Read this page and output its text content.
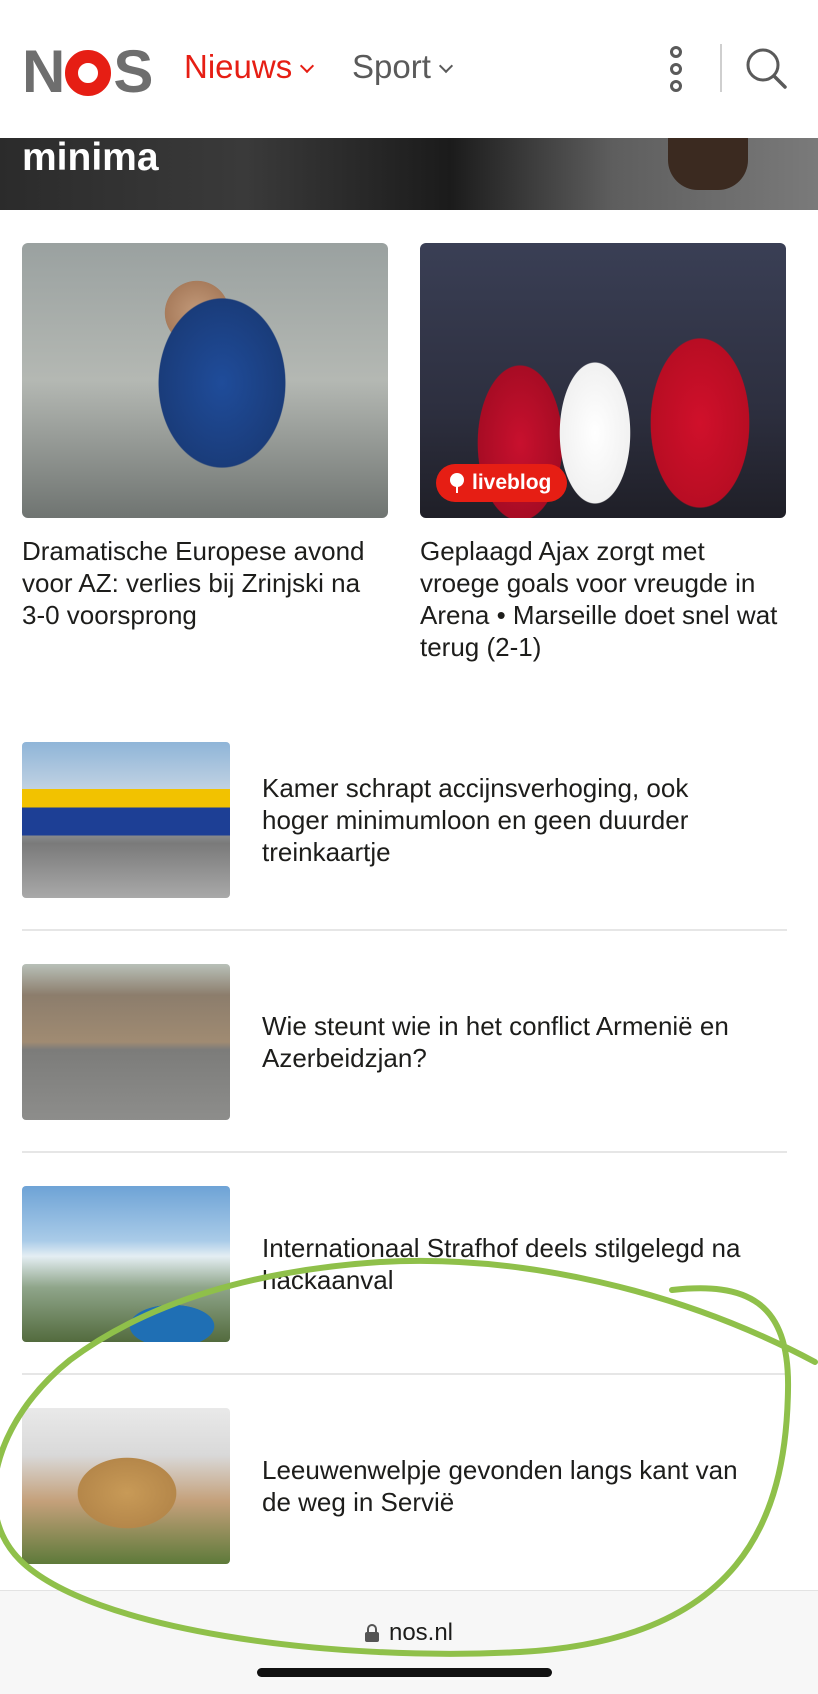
N S Nieuws Sport
minima
Dramatische Europese avond voor AZ: verlies bij Zrinjski na 3-0 voorsprong
liveblog
Geplaagd Ajax zorgt met vroege goals voor vreugde in Arena • Marseille doet snel wat terug (2-1)
Kamer schrapt accijnsverhoging, ook hoger minimumloon en geen duurder treinkaartje
Wie steunt wie in het conflict Armenië en Azerbeidzjan?
Internationaal Strafhof deels stilgelegd na hackaanval
Leeuwenwelpje gevonden langs kant van de weg in Servië
nos.nl
